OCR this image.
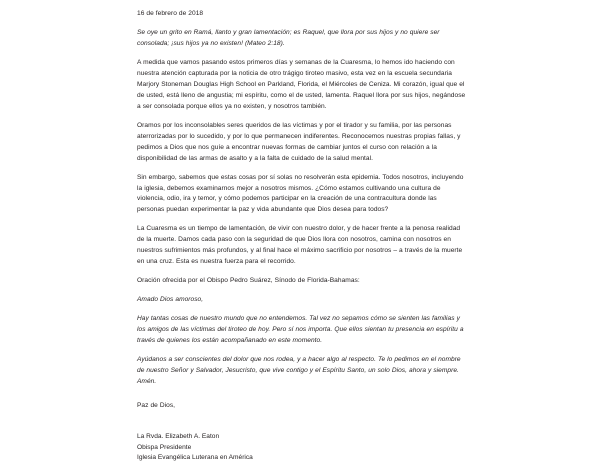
16 de febrero de 2018

Se oye un grito en Ramá, llanto y gran lamentación; es Raquel, que llora por sus hijos y no quiere ser consolada; ¡sus hijos ya no existen! (Mateo 2:18).

A medida que vamos pasando estos primeros días y semanas de la Cuaresma, lo hemos ido haciendo con nuestra atención capturada por la noticia de otro trágigo tiroteo masivo, esta vez en la escuela secundaria Marjory Stoneman Douglas High School en Parkland, Florida, el Miércoles de Ceniza. Mi corazón, igual que el de usted, está lleno de angustia; mi espíritu, como el de usted, lamenta. Raquel llora por sus hijos, negándose a ser consolada porque ellos ya no existen, y nosotros también.

Oramos por los inconsolables seres queridos de las víctimas y por el tirador y su familia, por las personas aterrorizadas por lo sucedido, y por lo que permanecen indiferentes. Reconocemos nuestras propias fallas, y pedimos a Dios que nos guíe a encontrar nuevas formas de cambiar juntos el curso con relación a la disponibilidad de las armas de asalto y a la falta de cuidado de la salud mental.

Sin embargo, sabemos que estas cosas por sí solas no resolverán esta epidemia. Todos nosotros, incluyendo la iglesia, debemos examinarnos mejor a nosotros mismos. ¿Cómo estamos cultivando una cultura de violencia, odio, ira y temor, y cómo podemos participar en la creación de una contracultura donde las personas puedan experimentar la paz y vida abundante que Dios desea para todos?

La Cuaresma es un tiempo de lamentación, de vivir con nuestro dolor, y de hacer frente a la penosa realidad de la muerte. Damos cada paso con la seguridad de que Dios llora con nosotros, camina con nosotros en nuestros sufrimientos más profundos, y al final hace el máximo sacrificio por nosotros – a través de la muerte en una cruz. Esta es nuestra fuerza para el recorrido.

Oración ofrecida por el Obispo Pedro Suárez, Sínodo de Florida-Bahamas:

Amado Dios amoroso,

Hay tantas cosas de nuestro mundo que no entendemos. Tal vez no sepamos cómo se sienten las familias y los amigos de las víctimas del tiroteo de hoy. Pero sí nos importa. Que ellos sientan tu presencia en espíritu a través de quienes los están acompañanado en este momento.

Ayúdanos a ser conscientes del dolor que nos rodea, y a hacer algo al respecto. Te lo pedimos en el nombre de nuestro Señor y Salvador, Jesucristo, que vive contigo y el Espíritu Santo, un solo Dios, ahora y siempre. Amén.

Paz de Dios,

La Rvda. Elizabeth A. Eaton

Obispa Presidente

Iglesia Evangélica Luterana en América
